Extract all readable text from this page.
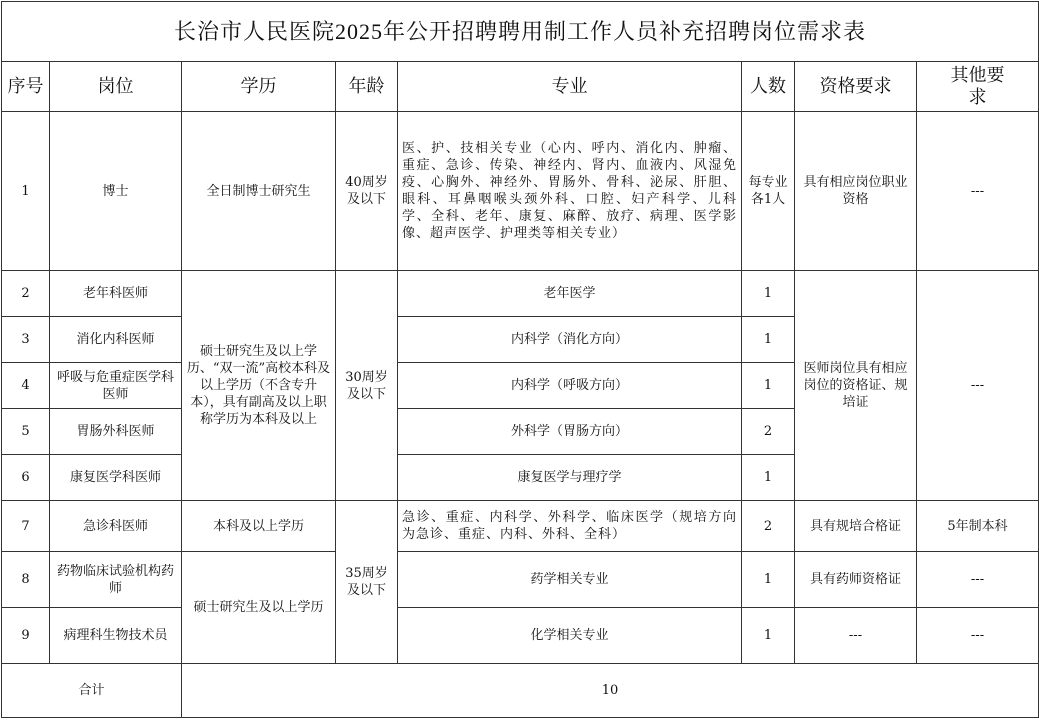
长治市人民医院2025年公开招聘聘用制工作人员补充招聘岗位需求表							
序号	岗位	学历	年龄	专业	人数	资格要求	其他要求
1	博士	全日制博士研究生	40周岁及以下	医、护、技相关专业（心内、呼内、消化内、肿瘤、重症、急诊、传染、神经内、肾内、血液内、风湿免疫、心胸外、神经外、胃肠外、骨科、泌尿、肝胆、眼科、耳鼻咽喉头颈外科、口腔、妇产科学、儿科学、全科、老年、康复、麻醉、放疗、病理、医学影像、超声医学、护理类等相关专业）	每专业各1人	具有相应岗位职业资格	---
2	老年科医师	硕士研究生及以上学历、“双一流”高校本科及以上学历（不含专升本），具有副高及以上职称学历为本科及以上	30周岁及以下	老年医学	1	医师岗位具有相应岗位的资格证、规培证	---
3	消化内科医师			内科学（消化方向）	1		
4	呼吸与危重症医学科医师			内科学（呼吸方向）	1		
5	胃肠外科医师			外科学（胃肠方向）	2		
6	康复医学科医师			康复医学与理疗学	1		
7	急诊科医师	本科及以上学历	35周岁及以下	急诊、重症、内科学、外科学、临床医学（规培方向为急诊、重症、内科、外科、全科）	2	具有规培合格证	5年制本科
8	药物临床试验机构药师	硕士研究生及以上学历		药学相关专业	1	具有药师资格证	---
9	病理科生物技术员			化学相关专业	1	---	---
合计		10					
